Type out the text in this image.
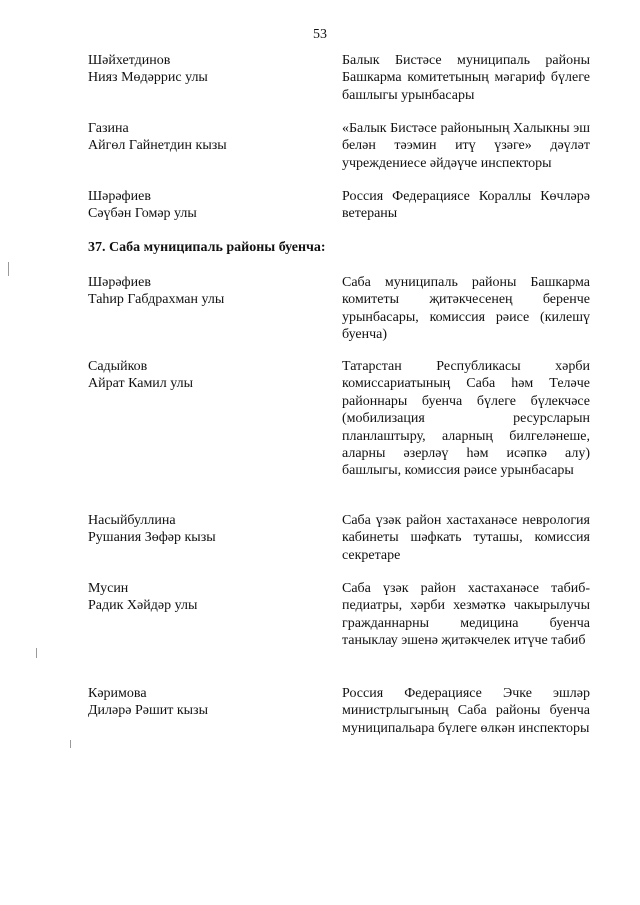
53
Шәйхетдинов
Нияз Мөдәррис улы
Балык Бистәсе муниципаль районы Башкарма комитетының мәгариф бүлеге башлыгы урынбасары
Газина
Айгөл Гайнетдин кызы
«Балык Бистәсе районының Халыкны эш белән тәэмин итү үзәге» дәүләт учреждениесе әйдәүче инспекторы
Шәрәфиев
Сәүбән Гомәр улы
Россия Федерациясе Кораллы Көчләрә ветераны
37. Саба муниципаль районы буенча:
Шәрәфиев
Таһир Габдрахман улы
Саба муниципаль районы Башкарма комитеты җитәкчесенең беренче урынбасары, комиссия рәисе (килешү буенча)
Садыйков
Айрат Камил улы
Татарстан Республикасы хәрби комиссариатының Саба һәм Теләче районнары буенча бүлеге бүлекчәсе (мобилизация ресурсларын планлаштыру, аларның билгеләнеше, аларны әзерләү һәм исәпкә алу) башлыгы, комиссия рәисе урынбасары
Насыйбуллина
Рушания Зөфәр кызы
Саба үзәк район хастаханәсе неврология кабинеты шәфкать туташы, комиссия секретаре
Мусин
Радик Хәйдәр улы
Саба үзәк район хастаханәсе табиб-педиатры, хәрби хезмәткә чакырылучы гражданнарны медицина буенча таныклау эшенә җитәкчелек итүче табиб
Кәримова
Диләрә Рәшит кызы
Россия Федерациясе Эчке эшләр министрлыгының Саба районы буенча муниципальара бүлеге өлкән инспекторы
